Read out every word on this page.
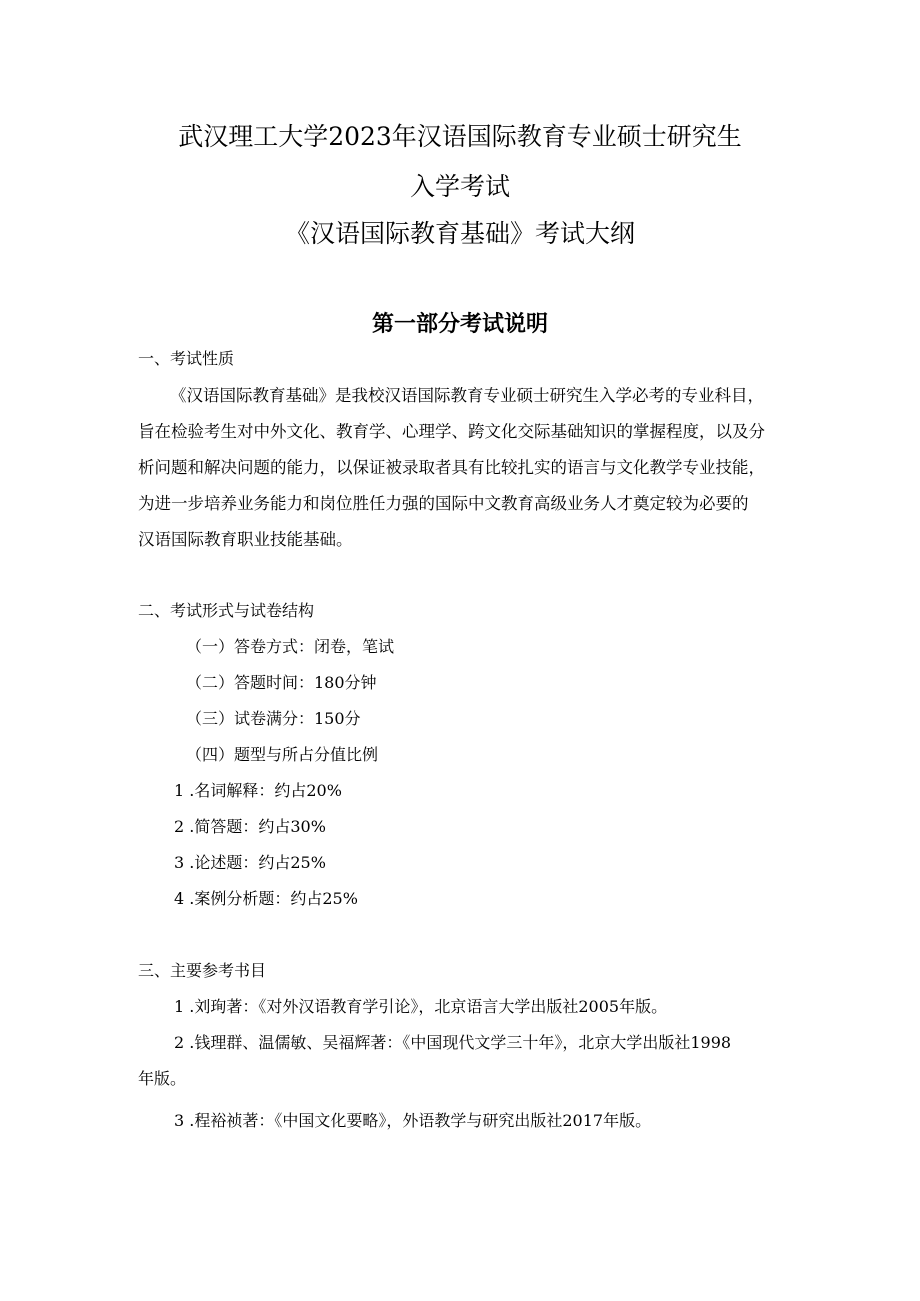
武汉理工大学2023年汉语国际教育专业硕士研究生
入学考试
《汉语国际教育基础》考试大纲
第一部分考试说明
一、考试性质
《汉语国际教育基础》是我校汉语国际教育专业硕士研究生入学必考的专业科目，
旨在检验考生对中外文化、教育学、心理学、跨文化交际基础知识的掌握程度，以及分
析问题和解决问题的能力，以保证被录取者具有比较扎实的语言与文化教学专业技能，
为进一步培养业务能力和岗位胜任力强的国际中文教育高级业务人才奠定较为必要的
汉语国际教育职业技能基础。
二、考试形式与试卷结构
（一）答卷方式：闭卷，笔试
（二）答题时间：180分钟
（三）试卷满分：150分
（四）题型与所占分值比例
1 .名词解释：约占20%
2 .简答题：约占30%
3 .论述题：约占25%
4 .案例分析题：约占25%
三、主要参考书目
1 .刘珣著：《对外汉语教育学引论》，北京语言大学出版社2005年版。
2 .钱理群、温儒敏、吴福辉著：《中国现代文学三十年》，北京大学出版社1998
年版。
3 .程裕祯著：《中国文化要略》，外语教学与研究出版社2017年版。
